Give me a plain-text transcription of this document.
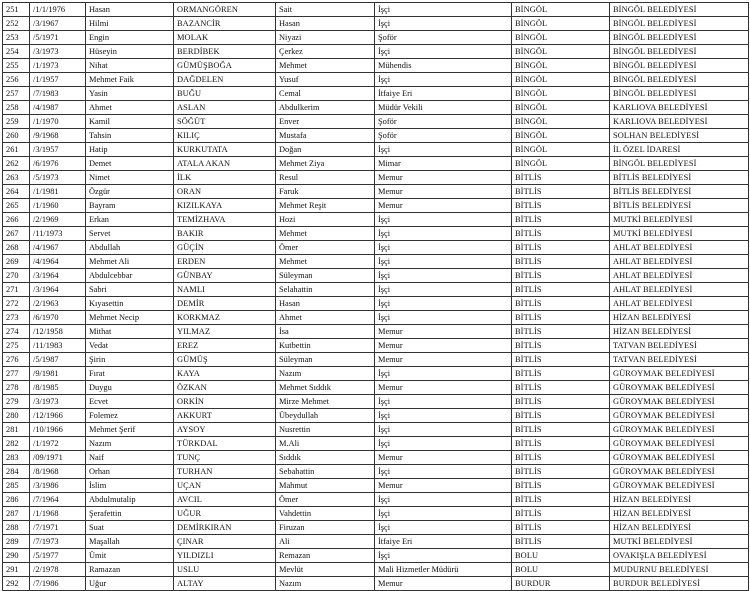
251	/1/1/1976	Hasan	ORMANGÖREN	Sait	İşçi	BİNGÖL	BİNGÖL BELEDİYESİ
252	/3/1967	Hilmi	BAZANCİR	Hasan	İşçi	BİNGÖL	BİNGÖL BELEDİYESİ
253	/5/1971	Engin	MOLAK	Niyazi	Şoför	BİNGÖL	BİNGÖL BELEDİYESİ
254	/3/1973	Hüseyin	BERDİBEK	Çerkez	İşçi	BİNGÖL	BİNGÖL BELEDİYESİ
255	/1/1973	Nihat	GÜMÜŞBOĞA	Mehmet	Mühendis	BİNGÖL	BİNGÖL BELEDİYESİ
256	/1/1957	Mehmet Faik	DAĞDELEN	Yusuf	İşçi	BİNGÖL	BİNGÖL BELEDİYESİ
257	/7/1983	Yasin	BUĞU	Cemal	İtfaiye Eri	BİNGÖL	BİNGÖL BELEDİYESİ
258	/4/1987	Ahmet	ASLAN	Abdulkerim	Müdür Vekili	BİNGÖL	KARLIOVA BELEDİYESİ
259	/1/1970	Kamil	SÖĞÜT	Enver	Şoför	BİNGÖL	KARLIOVA BELEDİYESİ
260	/9/1968	Tahsin	KILIÇ	Mustafa	Şoför	BİNGÖL	SOLHAN BELEDİYESİ
261	/3/1957	Hatip	KURKUTATA	Doğan	İşçi	BİNGÖL	İL ÖZEL İDARESİ
262	/6/1976	Demet	ATALA AKAN	Mehmet Ziya	Mimar	BİNGÖL	BİNGÖL BELEDİYESİ
263	/5/1973	Nimet	İLK	Resul	Memur	BİTLİS	BİTLİS BELEDİYESİ
264	/1/1981	Özgür	ORAN	Faruk	Memur	BİTLİS	BİTLİS BELEDİYESİ
265	/1/1960	Bayram	KIZILKAYA	Mehmet Reşit	Memur	BİTLİS	BİTLİS BELEDİYESİ
266	/2/1969	Erkan	TEMİZHAVA	Hozi	İşçi	BİTLİS	MUTKİ BELEDİYESİ
267	/11/1973	Servet	BAKIR	Mehmet	İşçi	BİTLİS	MUTKİ BELEDİYESİ
268	/4/1967	Abdullah	GÜÇİN	Ömer	İşçi	BİTLİS	AHLAT BELEDİYESİ
269	/4/1964	Mehmet Ali	ERDEN	Mehmet	İşçi	BİTLİS	AHLAT BELEDİYESİ
270	/3/1964	Abdulcebbar	GÜNBAY	Süleyman	İşçi	BİTLİS	AHLAT BELEDİYESİ
271	/3/1964	Sabri	NAMLI	Selahattin	İşçi	BİTLİS	AHLAT BELEDİYESİ
272	/2/1963	Kıyasettin	DEMİR	Hasan	İşçi	BİTLİS	AHLAT BELEDİYESİ
273	/6/1970	Mehmet Necip	KORKMAZ	Ahmet	İşçi	BİTLİS	HİZAN BELEDİYESİ
274	/12/1958	Mithat	YILMAZ	İsa	Memur	BİTLİS	HİZAN BELEDİYESİ
275	/11/1983	Vedat	EREZ	Kutbettin	Memur	BİTLİS	TATVAN BELEDİYESİ
276	/5/1987	Şirin	GÜMÜŞ	Süleyman	Memur	BİTLİS	TATVAN BELEDİYESİ
277	/9/1981	Fırat	KAYA	Nazım	İşçi	BİTLİS	GÜROYMAK BELEDİYESİ
278	/8/1985	Duygu	ÖZKAN	Mehmet Sıddık	Memur	BİTLİS	GÜROYMAK BELEDİYESİ
279	/3/1973	Ecvet	ORKİN	Mirze Mehmet	İşçi	BİTLİS	GÜROYMAK BELEDİYESİ
280	/12/1966	Folemez	AKKURT	Übeydullah	İşçi	BİTLİS	GÜROYMAK BELEDİYESİ
281	/10/1966	Mehmet Şerif	AYSOY	Nusrettin	İşçi	BİTLİS	GÜROYMAK BELEDİYESİ
282	/1/1972	Nazım	TÜRKDAL	M.Ali	İşçi	BİTLİS	GÜROYMAK BELEDİYESİ
283	/09/1971	Naif	TUNÇ	Sıddık	Memur	BİTLİS	GÜROYMAK BELEDİYESİ
284	/8/1968	Orhan	TURHAN	Sebahattin	İşçi	BİTLİS	GÜROYMAK BELEDİYESİ
285	/3/1986	İslim	UÇAN	Mahmut	Memur	BİTLİS	GÜROYMAK BELEDİYESİ
286	/7/1964	Abdulmutalip	AVCIL	Ömer	İşçi	BİTLİS	HİZAN BELEDİYESİ
287	/1/1968	Şerafettin	UĞUR	Vahdettin	İşçi	BİTLİS	HİZAN BELEDİYESİ
288	/7/1971	Suat	DEMİRKIRAN	Firuzan	İşçi	BİTLİS	HİZAN BELEDİYESİ
289	/7/1973	Maşallah	ÇINAR	Ali	İtfaiye Eri	BİTLİS	MUTKİ BELEDİYESİ
290	/5/1977	Ümit	YILDIZLI	Remazan	İşçi	BOLU	OVAKIŞLA BELEDİYESİ
291	/2/1978	Ramazan	USLU	Mevlüt	Mali Hizmetler Müdürü	BOLU	MUDURNU BELEDİYESİ
292	/7/1986	Uğur	ALTAY	Nazım	Memur	BURDUR	BURDUR BELEDİYESİ
